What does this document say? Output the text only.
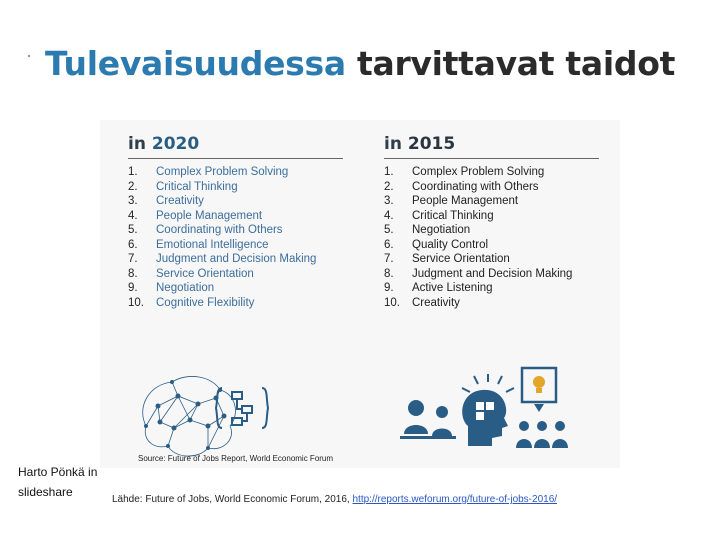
Tulevaisuudessa tarvittavat taidot
in 2020
1.	Complex Problem Solving
2.	Critical Thinking
3.	Creativity
4.	People Management
5.	Coordinating with Others
6.	Emotional Intelligence
7.	Judgment and Decision Making
8.	Service Orientation
9.	Negotiation
10.	Cognitive Flexibility
in 2015
1.	Complex Problem Solving
2.	Coordinating with Others
3.	People Management
4.	Critical Thinking
5.	Negotiation
6.	Quality Control
7.	Service Orientation
8.	Judgment and Decision Making
9.	Active Listening
10.	Creativity
Source: Future of Jobs Report, World Economic Forum
Harto Pönkä in
slideshare
Lähde: Future of Jobs, World Economic Forum, 2016, http://reports.weforum.org/future-of-jobs-2016/
